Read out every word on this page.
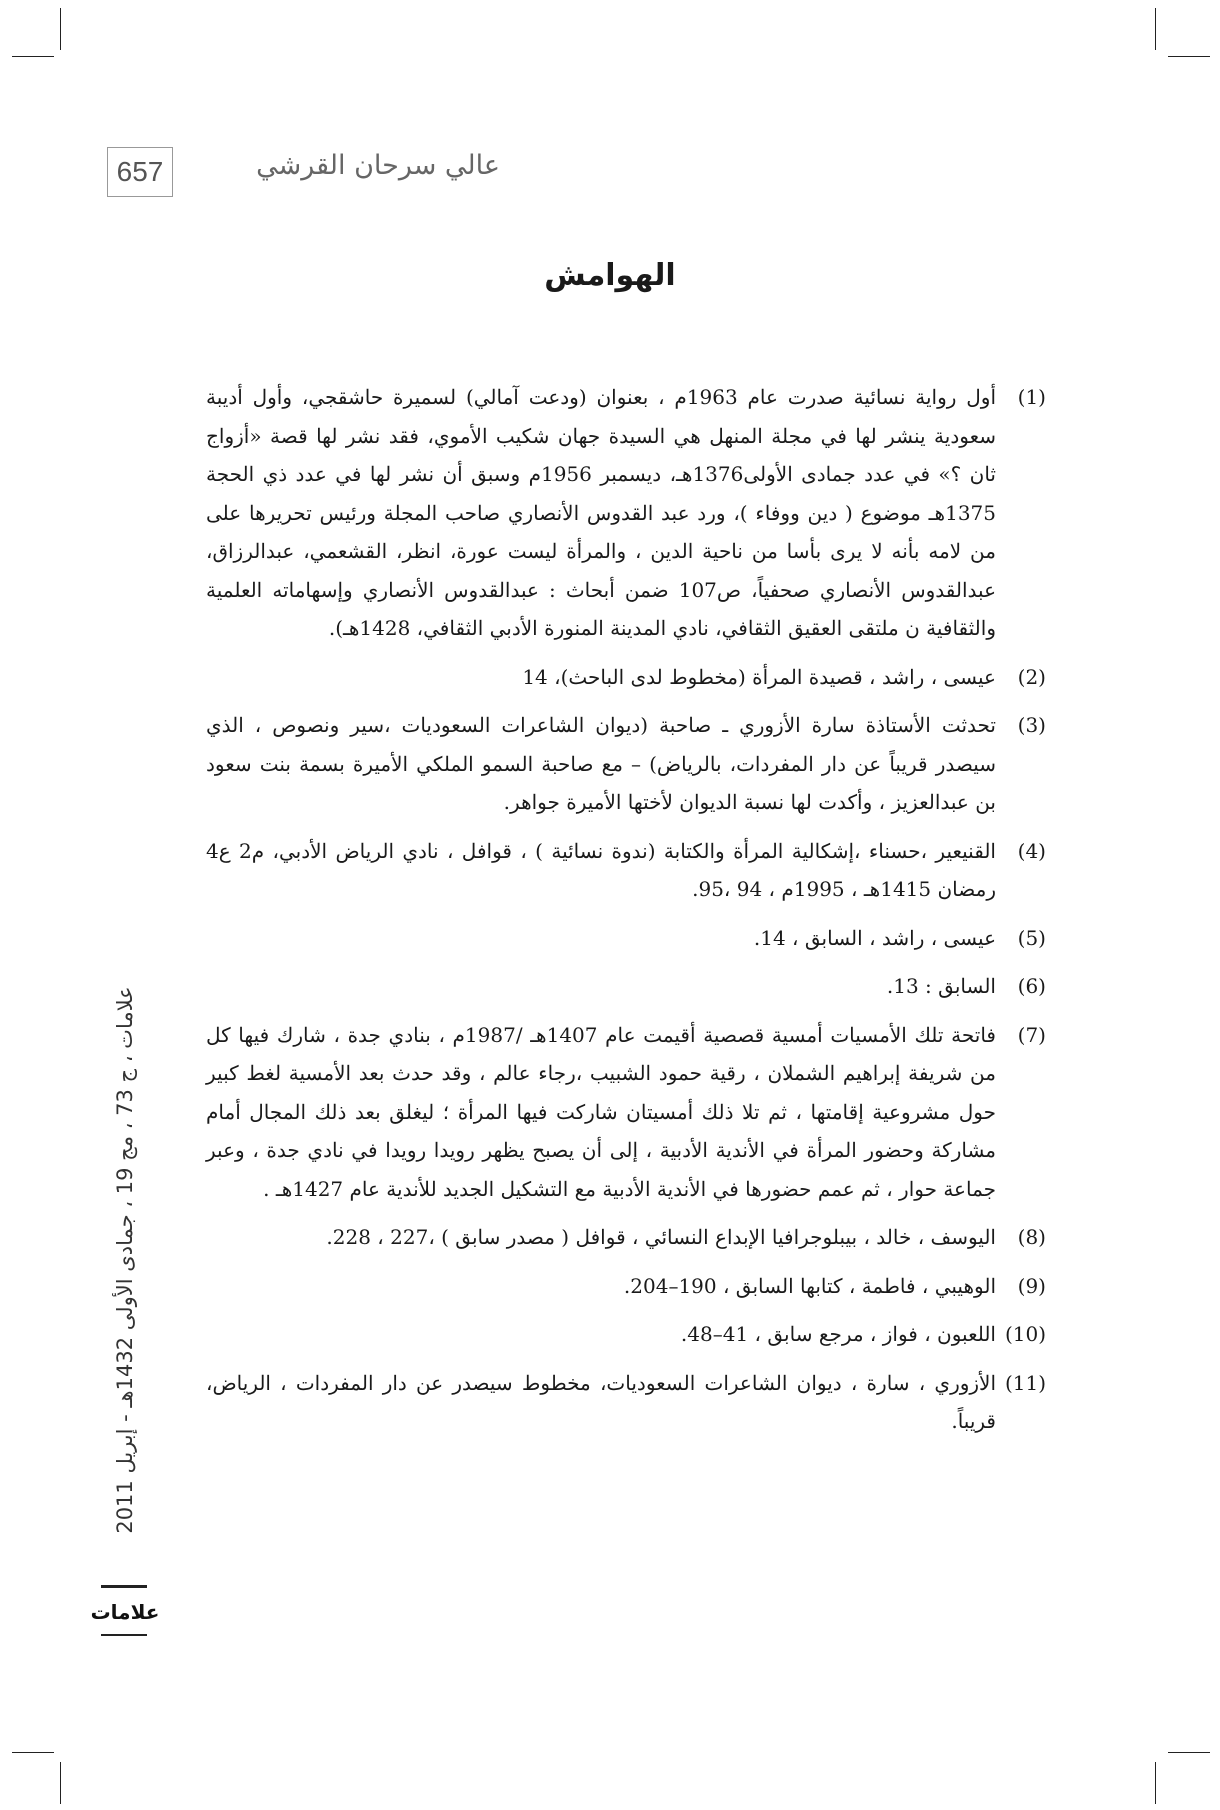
657	عالي سرحان القرشي
الهوامش
(1)
أول رواية نسائية صدرت عام 1963م ، بعنوان (ودعت آمالي) لسميرة حاشقجي، وأول أديبة سعودية ينشر لها في مجلة المنهل هي السيدة جهان شكيب الأموي، فقد نشر لها قصة «أزواج ثان ؟» في عدد جمادى الأولى1376هـ، ديسمبر 1956م وسبق أن نشر لها في عدد ذي الحجة 1375هـ موضوع ( دين ووفاء )، ورد عبد القدوس الأنصاري صاحب المجلة ورئيس تحريرها على من لامه بأنه لا يرى بأسا من ناحية الدين ، والمرأة ليست عورة، انظر، القشعمي، عبدالرزاق، عبدالقدوس الأنصاري صحفياً، ص107 ضمن أبحاث : عبدالقدوس الأنصاري وإسهاماته العلمية والثقافية ن ملتقى العقيق الثقافي، نادي المدينة المنورة الأدبي الثقافي، 1428هـ).
(2)
عيسى ، راشد ، قصيدة المرأة (مخطوط لدى الباحث)، 14
(3)
تحدثت الأستاذة سارة الأزوري ـ صاحبة (ديوان الشاعرات السعوديات ،سير ونصوص ، الذي سيصدر قريباً عن دار المفردات، بالرياض) – مع صاحبة السمو الملكي الأميرة بسمة بنت سعود بن عبدالعزيز ، وأكدت لها نسبة الديوان لأختها الأميرة جواهر.
(4)
القنيعير ،حسناء ،إشكالية المرأة والكتابة (ندوة نسائية ) ، قوافل ، نادي الرياض الأدبي، م2 ع4 رمضان 1415هـ ، 1995م ، 94 ،95.
(5)
عيسى ، راشد ، السابق ، 14.
(6)
السابق : 13.
(7)
فاتحة تلك الأمسيات أمسية قصصية أقيمت عام 1407هـ /1987م ، بنادي جدة ، شارك فيها كل من شريفة إبراهيم الشملان ، رقية حمود الشبيب ،رجاء عالم ، وقد حدث بعد الأمسية لغط كبير حول مشروعية إقامتها ، ثم تلا ذلك أمسيتان شاركت فيها المرأة ؛ ليغلق بعد ذلك المجال أمام مشاركة وحضور المرأة في الأندية الأدبية ، إلى أن يصبح يظهر رويدا رويدا في نادي جدة ، وعبر جماعة حوار ، ثم عمم حضورها في الأندية الأدبية مع التشكيل الجديد للأندية عام 1427هـ .
(8)
اليوسف ، خالد ، بيبلوجرافيا الإبداع النسائي ، قوافل ( مصدر سابق ) ،227 ، 228.
(9)
الوهيبي ، فاطمة ، كتابها السابق ، 190–204.
(10)
اللعبون ، فواز ، مرجع سابق ، 41–48.
(11)
الأزوري ، سارة ، ديوان الشاعرات السعوديات، مخطوط سيصدر عن دار المفردات ، الرياض، قريباً.
علامات ، ج 73 ، مج 19 ، جمادى الأولى 1432هـ - إبريل 2011
علامات
